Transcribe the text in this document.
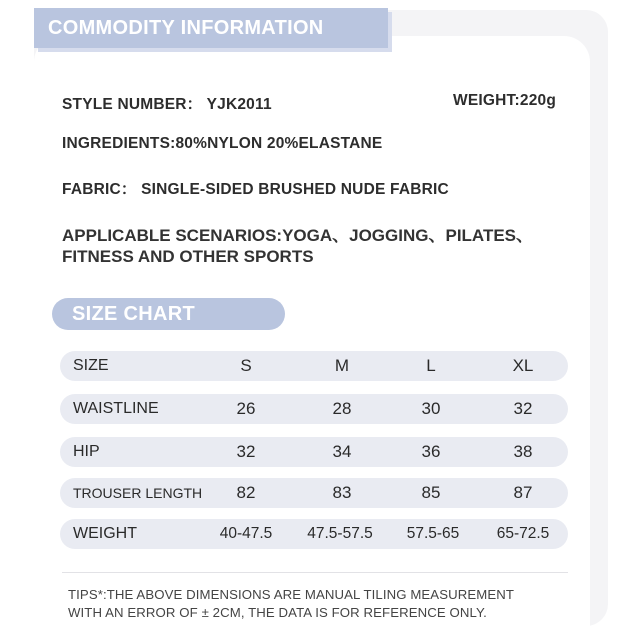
COMMODITY INFORMATION
STYLE NUMBER： YJK2011	WEIGHT:220g
INGREDIENTS:80%NYLON 20%ELASTANE
FABRIC： SINGLE-SIDED BRUSHED NUDE FABRIC
APPLICABLE SCENARIOS:YOGA、JOGGING、PILATES、
FITNESS AND OTHER SPORTS
SIZE CHART
SIZE	S	M	L	XL
WAISTLINE	26	28	30	32
HIP	32	34	36	38
TROUSER LENGTH	82	83	85	87
WEIGHT	40-47.5	47.5-57.5	57.5-65	65-72.5
TIPS*:THE ABOVE DIMENSIONS ARE MANUAL TILING MEASUREMENT
WITH AN ERROR OF ± 2CM, THE DATA IS FOR REFERENCE ONLY.
